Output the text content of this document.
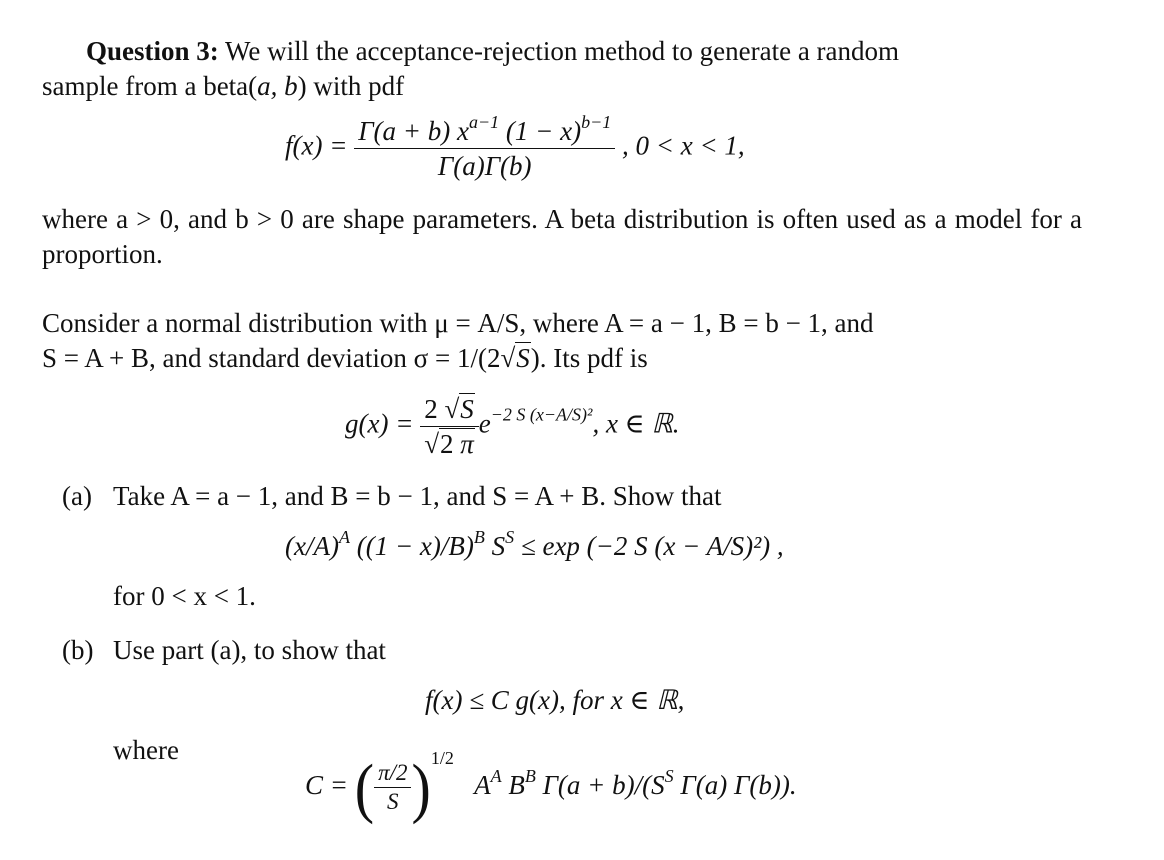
Question 3: We will the acceptance-rejection method to generate a random
sample from a beta(a, b) with pdf
$f(x) = \frac{\Gamma(a + b) x^{a-1} (1 - x)^{b-1}}{\Gamma(a)\Gamma(b)}$ , 0 < x < 1,
where a > 0, and b > 0 are shape parameters. A beta distribution is often used as a model for a proportion.
Consider a normal distribution with μ = A/S, where A = a − 1, B = b − 1, and
S = A + B, and standard deviation σ = 1/(2√S). Its pdf is
$g(x) = \frac{2 √S}{√2 \pi} e^{-2 S (x-A/S)^2}$, x ∈ ℝ.
(a) Take A = a − 1, and B = b − 1, and S = A + B. Show that
$(x/A)^A$ $((1 - x)/B)^B$ $S^S \le \exp (-2$ S (x − A/S)²) ,
for 0 < x < 1.
(b) Use part (a), to show that
f(x) ≤ C g(x), for x ∈ ℝ,
where
C = ( $\frac{\pi/2}{S} )^{1/2}$   $A^A$ $B^B$ $\Gamma(a + b)/(S^S$ Γ(a) Γ(b)).
